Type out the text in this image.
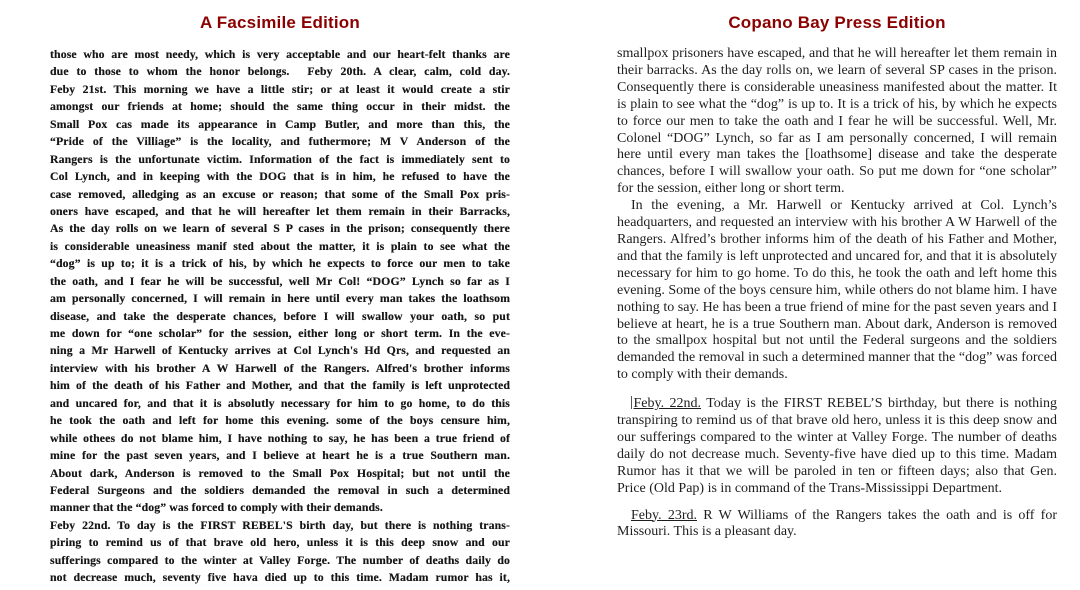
A Facsimile Edition
those who are most needy, which is very acceptable and our heart-felt thanks are
due to those to whom the honor belongs.  Feby 20th. A clear, calm, cold day.
Feby 21st. This morning we have a little stir; or at least it would create a stir
amongst our friends at home; should the same thing occur in their midst. the
Small Pox cas made its appearance in Camp Butler, and more than this, the
“Pride of the Villiage” is the locality, and futhermore; M V Anderson of the
Rangers is the unfortunate victim. Information of the fact is immediately sent to
Col Lynch, and in keeping with the DOG that is in him, he refused to have the
case removed, alledging as an excuse or reason; that some of the Small Pox pris-
oners have escaped, and that he will hereafter let them remain in their Barracks,
As the day rolls on we learn of several S P cases in the prison; consequently there
is considerable uneasiness manif sted about the matter, it is plain to see what the
“dog” is up to; it is a trick of his, by which he expects to force our men to take
the oath, and I fear he will be successful, well Mr Col! “DOG” Lynch so far as I
am personally concerned, I will remain in here until every man takes the loathsom
disease, and take the desperate chances, before I will swallow your oath, so put
me down for “one scholar” for the session, either long or short term. In the eve-
ning a Mr Harwell of Kentucky arrives at Col Lynch's Hd Qrs, and requested an
interview with his brother A W Harwell of the Rangers. Alfred's brother informs
him of the death of his Father and Mother, and that the family is left unprotected
and uncared for, and that it is absolutly necessary for him to go home, to do this
he took the oath and left for home this evening. some of the boys censure him,
while othees do not blame him, I have nothing to say, he has been a true friend of
mine for the past seven years, and I believe at heart he is a true Southern man.
About dark, Anderson is removed to the Small Pox Hospital; but not until the
Federal Surgeons and the soldiers demanded the removal in such a determined
manner that the “dog” was forced to comply with their demands.
Feby 22nd. To day is the FIRST REBEL'S birth day, but there is nothing trans-
piring to remind us of that brave old hero, unless it is this deep snow and our
sufferings compared to the winter at Valley Forge. The number of deaths daily do
not decrease much, seventy five hava died up to this time. Madam rumor has it,
Copano Bay Press Edition

smallpox prisoners have escaped, and that he will hereafter let them remain in their barracks. As the day rolls on, we learn of several SP cases in the prison. Consequently there is considerable uneasiness manifested about the matter. It is plain to see what the “dog” is up to. It is a trick of his, by which he expects to force our men to take the oath and I fear he will be successful. Well, Mr. Colonel “DOG” Lynch, so far as I am personally concerned, I will remain here until every man takes the [loathsome] disease and take the desperate chances, before I will swallow your oath. So put me down for “one scholar” for the session, either long or short term.

In the evening, a Mr. Harwell or Kentucky arrived at Col. Lynch’s headquarters, and requested an interview with his brother A W Harwell of the Rangers. Alfred’s brother informs him of the death of his Father and Mother, and that the family is left unprotected and uncared for, and that it is absolutely necessary for him to go home. To do this, he took the oath and left home this evening. Some of the boys censure him, while others do not blame him. I have nothing to say. He has been a true friend of mine for the past seven years and I believe at heart, he is a true Southern man. About dark, Anderson is removed to the smallpox hospital but not until the Federal surgeons and the soldiers demanded the removal in such a determined manner that the “dog” was forced to comply with their demands.

Feby. 22nd. Today is the FIRST REBEL’S birthday, but there is nothing transpiring to remind us of that brave old hero, unless it is this deep snow and our sufferings compared to the winter at Valley Forge. The number of deaths daily do not decrease much. Seventy-five have died up to this time. Madam Rumor has it that we will be paroled in ten or fifteen days; also that Gen. Price (Old Pap) is in command of the Trans-Mississippi Department.

Feby. 23rd. R W Williams of the Rangers takes the oath and is off for Missouri. This is a pleasant day.
